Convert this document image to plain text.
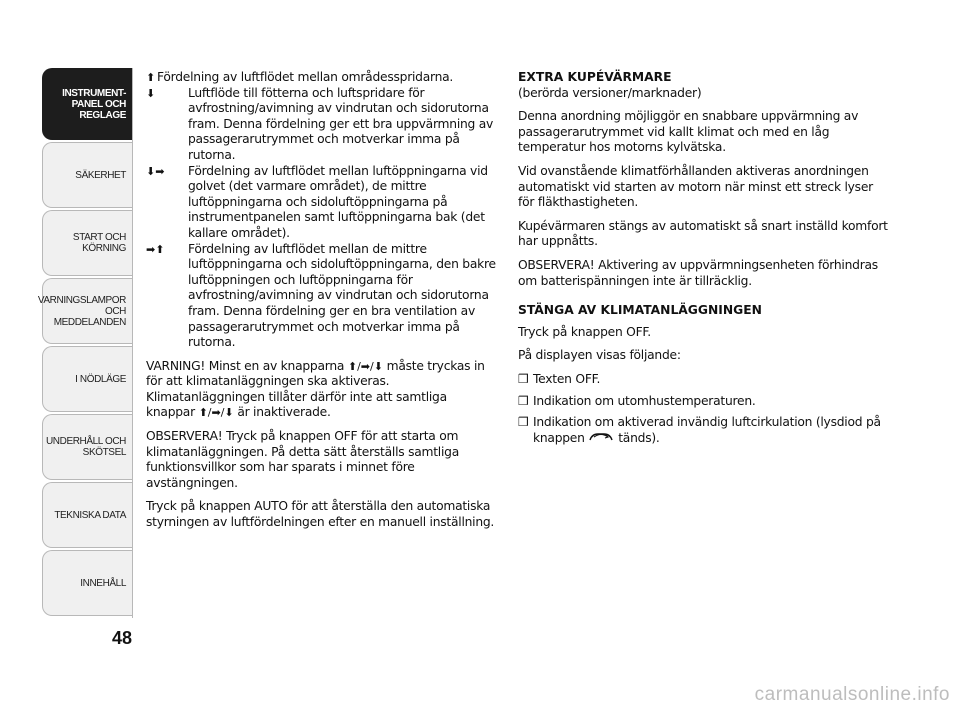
INSTRUMENT-PANEL OCH REGLAGE
SÄKERHET
START OCH KÖRNING
VARNINGSLAMPOR OCH MEDDELANDEN
I NÖDLÄGE
UNDERHÅLL OCH SKÖTSEL
TEKNISKA DATA
INNEHÅLL
48
⬆ Fördelning av luftflödet mellan områdesspridarna.
⬇	Luftflöde till fötterna och luftspridare för avfrostning/avimning av vindrutan och sidorutorna fram. Denna fördelning ger ett bra uppvärmning av passagerarutrymmet och motverkar imma på rutorna.
⬇➡	Fördelning av luftflödet mellan luftöppningarna vid golvet (det varmare området), de mittre luftöppningarna och sidoluftöppningarna på instrumentpanelen samt luftöppningarna bak (det kallare området).
➡⬆	Fördelning av luftflödet mellan de mittre luftöppningarna och sidoluftöppningarna, den bakre luftöppningen och luftöppningarna för avfrostning/avimning av vindrutan och sidorutorna fram. Denna fördelning ger en bra ventilation av passagerarutrymmet och motverkar imma på rutorna.

VARNING! Minst en av knapparna ⬆/➡/⬇ måste tryckas in för att klimatanläggningen ska aktiveras. Klimatanläggningen tillåter därför inte att samtliga knappar ⬆/➡/⬇ är inaktiverade.

OBSERVERA! Tryck på knappen OFF för att starta om klimatanläggningen. På detta sätt återställs samtliga funktionsvillkor som har sparats i minnet före avstängningen.

Tryck på knappen AUTO för att återställa den automatiska styrningen av luftfördelningen efter en manuell inställning.

EXTRA KUPÉVÄRMARE

(berörda versioner/marknader)

Denna anordning möjliggör en snabbare uppvärmning av passagerarutrymmet vid kallt klimat och med en låg temperatur hos motorns kylvätska.

Vid ovanstående klimatförhållanden aktiveras anordningen automatiskt vid starten av motorn när minst ett streck lyser för fläkthastigheten.

Kupévärmaren stängs av automatiskt så snart inställd komfort har uppnåtts.

OBSERVERA! Aktivering av uppvärmningsenheten förhindras om batterispänningen inte är tillräcklig.

STÄNGA AV KLIMATANLÄGGNINGEN

Tryck på knappen OFF.

På displayen visas följande:

❒ Texten OFF.
❒ Indikation om utomhustemperaturen.
❒ Indikation om aktiverad invändig luftcirkulation (lysdiod på knappen	tänds).
carmanualsonline.info
